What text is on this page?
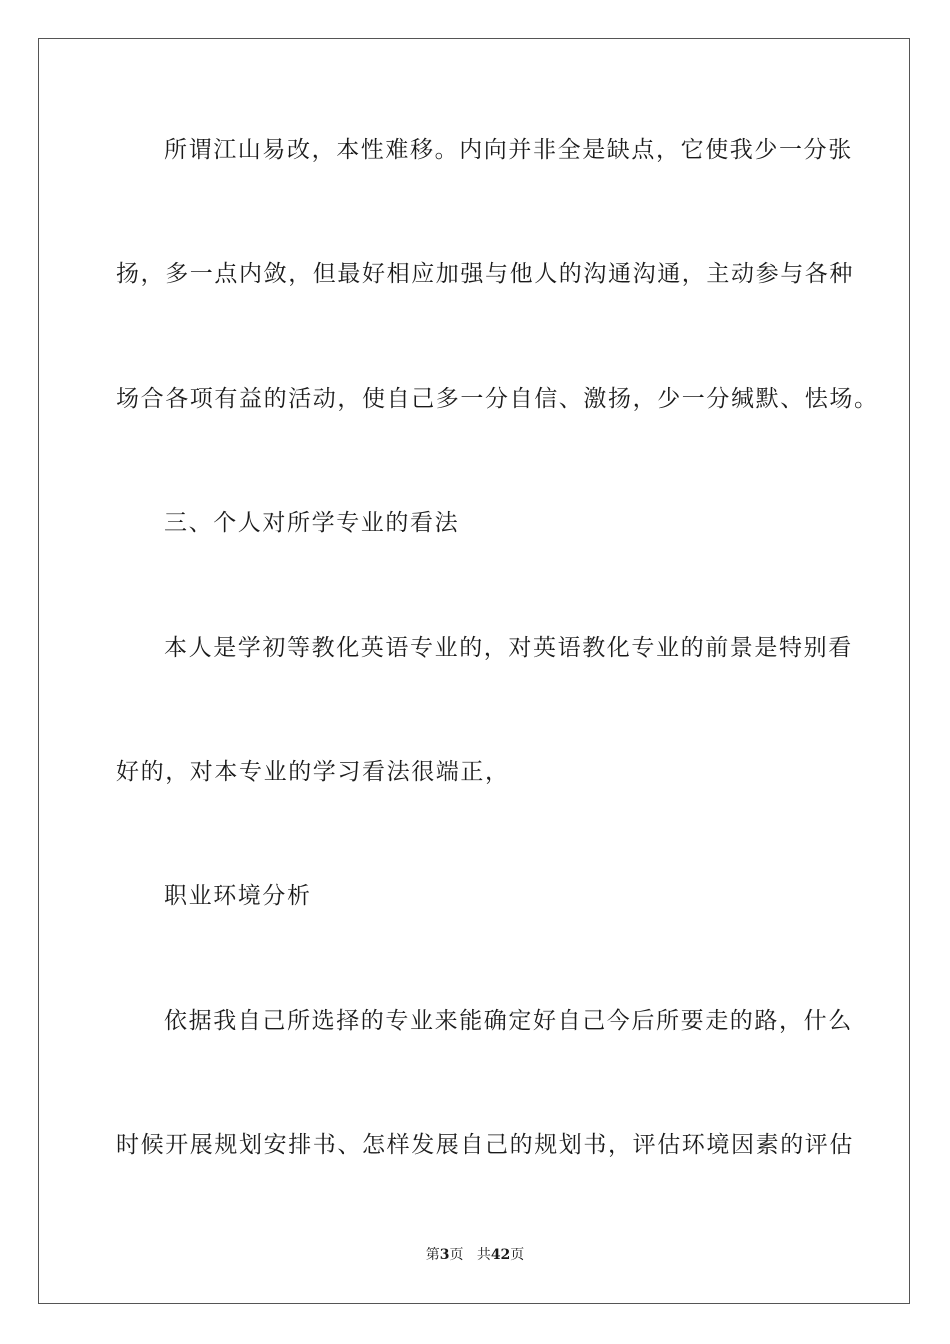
所谓江山易改，本性难移。内向并非全是缺点，它使我少一分张
扬，多一点内敛，但最好相应加强与他人的沟通沟通，主动参与各种
场合各项有益的活动，使自己多一分自信、激扬，少一分缄默、怯场。
三、个人对所学专业的看法
本人是学初等教化英语专业的，对英语教化专业的前景是特别看
好的，对本专业的学习看法很端正，
职业环境分析
依据我自己所选择的专业来能确定好自己今后所要走的路，什么
时候开展规划安排书、怎样发展自己的规划书，评估环境因素的评估
第3页 共42页
